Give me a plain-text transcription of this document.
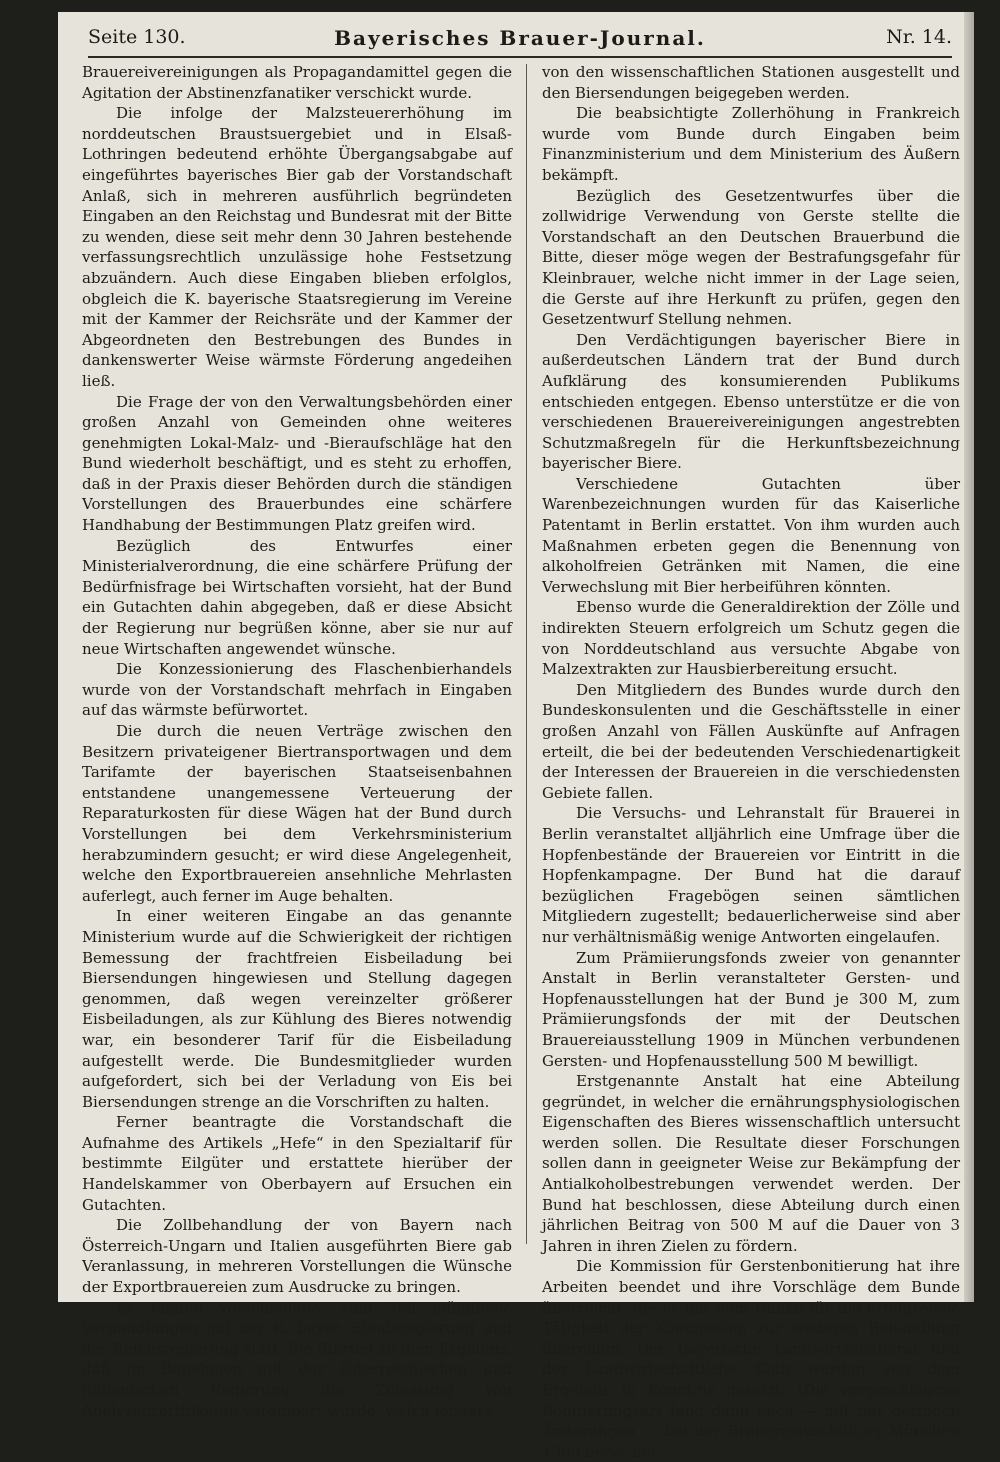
Seite 130.	Bayerisches Brauer-Journal.	Nr. 14.

Brauereivereinigungen als Propagandamittel gegen die Agitation der Abstinenzfanatiker verschickt wurde.

Die infolge der Malzsteuererhöhung im norddeutschen Braustsuergebiet und in Elsaß-Lothringen bedeutend erhöhte Übergangsabgabe auf eingeführtes bayerisches Bier gab der Vorstandschaft Anlaß, sich in mehreren ausführlich begründeten Eingaben an den Reichstag und Bundesrat mit der Bitte zu wenden, diese seit mehr denn 30 Jahren bestehende verfassungsrechtlich unzulässige hohe Festsetzung abzuändern. Auch diese Eingaben blieben erfolglos, obgleich die K. bayerische Staatsregierung im Vereine mit der Kammer der Reichsräte und der Kammer der Abgeordneten den Bestrebungen des Bundes in dankenswerter Weise wärmste Förderung angedeihen ließ.

Die Frage der von den Verwaltungsbehörden einer großen Anzahl von Gemeinden ohne weiteres genehmigten Lokal-Malz- und -Bieraufschläge hat den Bund wiederholt beschäftigt, und es steht zu erhoffen, daß in der Praxis dieser Behörden durch die ständigen Vorstellungen des Brauerbundes eine schärfere Handhabung der Bestimmungen Platz greifen wird.

Bezüglich des Entwurfes einer Ministerialverordnung, die eine schärfere Prüfung der Bedürfnisfrage bei Wirtschaften vorsieht, hat der Bund ein Gutachten dahin abgegeben, daß er diese Absicht der Regierung nur begrüßen könne, aber sie nur auf neue Wirtschaften angewendet wünsche.

Die Konzessionierung des Flaschenbierhandels wurde von der Vorstandschaft mehrfach in Eingaben auf das wärmste befürwortet.

Die durch die neuen Verträge zwischen den Besitzern privateigener Biertransportwagen und dem Tarifamte der bayerischen Staatseisenbahnen entstandene unangemessene Verteuerung der Reparaturkosten für diese Wägen hat der Bund durch Vorstellungen bei dem Verkehrsministerium herabzumindern gesucht; er wird diese Angelegenheit, welche den Exportbrauereien ansehnliche Mehrlasten auferlegt, auch ferner im Auge behalten.

In einer weiteren Eingabe an das genannte Ministerium wurde auf die Schwierigkeit der richtigen Bemessung der frachtfreien Eisbeiladung bei Biersendungen hingewiesen und Stellung dagegen genommen, daß wegen vereinzelter größerer Eisbeiladungen, als zur Kühlung des Bieres notwendig war, ein besonderer Tarif für die Eisbeiladung aufgestellt werde. Die Bundesmitglieder wurden aufgefordert, sich bei der Verladung von Eis bei Biersendungen strenge an die Vorschriften zu halten.

Ferner beantragte die Vorstandschaft die Aufnahme des Artikels „Hefe“ in den Spezialtarif für bestimmte Eilgüter und erstattete hierüber der Handelskammer von Oberbayern auf Ersuchen ein Gutachten.

Die Zollbehandlung der von Bayern nach Österreich-Ungarn und Italien ausgeführten Biere gab Veranlassung, in mehreren Vorstellungen die Wünsche der Exportbrauereien zum Ausdrucke zu bringen.

Es fanden verschiedene, zum Teil mündliche Verhandlungen mit der K. bayer. Staatsregierung und der Reichsregierung statt. Sie führten zu dem Ergebnis, daß im Benehmen mit der österreichischen und italienischen Regierung die Zulassung von Analysenzertifikaten vereinbart wurde, welch letztere

von den wissenschaftlichen Stationen ausgestellt und den Biersendungen beigegeben werden.

Die beabsichtigte Zollerhöhung in Frankreich wurde vom Bunde durch Eingaben beim Finanzministerium und dem Ministerium des Äußern bekämpft.

Bezüglich des Gesetzentwurfes über die zollwidrige Verwendung von Gerste stellte die Vorstandschaft an den Deutschen Brauerbund die Bitte, dieser möge wegen der Bestrafungsgefahr für Kleinbrauer, welche nicht immer in der Lage seien, die Gerste auf ihre Herkunft zu prüfen, gegen den Gesetzentwurf Stellung nehmen.

Den Verdächtigungen bayerischer Biere in außerdeutschen Ländern trat der Bund durch Aufklärung des konsumierenden Publikums entschieden entgegen. Ebenso unterstütze er die von verschiedenen Brauereivereinigungen angestrebten Schutzmaßregeln für die Herkunftsbezeichnung bayerischer Biere.

Verschiedene Gutachten über Warenbezeichnungen wurden für das Kaiserliche Patentamt in Berlin erstattet. Von ihm wurden auch Maßnahmen erbeten gegen die Benennung von alkoholfreien Getränken mit Namen, die eine Verwechslung mit Bier herbeiführen könnten.

Ebenso wurde die Generaldirektion der Zölle und indirekten Steuern erfolgreich um Schutz gegen die von Norddeutschland aus versuchte Abgabe von Malzextrakten zur Hausbierbereitung ersucht.

Den Mitgliedern des Bundes wurde durch den Bundeskonsulenten und die Geschäftsstelle in einer großen Anzahl von Fällen Auskünfte auf Anfragen erteilt, die bei der bedeutenden Verschiedenartigkeit der Interessen der Brauereien in die verschiedensten Gebiete fallen.

Die Versuchs- und Lehranstalt für Brauerei in Berlin veranstaltet alljährlich eine Umfrage über die Hopfenbestände der Brauereien vor Eintritt in die Hopfenkampagne. Der Bund hat die darauf bezüglichen Fragebögen seinen sämtlichen Mitgliedern zugestellt; bedauerlicherweise sind aber nur verhältnismäßig wenige Antworten eingelaufen.

Zum Prämiierungsfonds zweier von genannter Anstalt in Berlin veranstalteter Gersten- und Hopfenausstellungen hat der Bund je 300 M, zum Prämiierungsfonds der mit der Deutschen Brauereiausstellung 1909 in München verbundenen Gersten- und Hopfenausstellung 500 M bewilligt.

Erstgenannte Anstalt hat eine Abteilung gegründet, in welcher die ernährungsphysiologischen Eigenschaften des Bieres wissenschaftlich untersucht werden sollen. Die Resultate dieser Forschungen sollen dann in geeigneter Weise zur Bekämpfung der Antialkoholbestrebungen verwendet werden. Der Bund hat beschlossen, diese Abteilung durch einen jährlichen Beitrag von 500 M auf die Dauer von 3 Jahren in ihren Zielen zu fördern.

Die Kommission für Gerstenbonitierung hat ihre Arbeiten beendet und ihre Vorschläge dem Bunde überreicht, die er mit dem Danke für die erfolgreiche Tätigkeit der Kommission zur weiteren Behandlung übernahm. Der Bayerische Landwirtschaftsrat und der Landwirtschaftliche Klub wurden von dem Ergebnis in Kenntnis gesetzt. (Die vorgeschlagene Bonitierungsart fand dann auch — mit nur geringen Änderungen — bei der Brauereiausstellung München 1909 bezw. bei
